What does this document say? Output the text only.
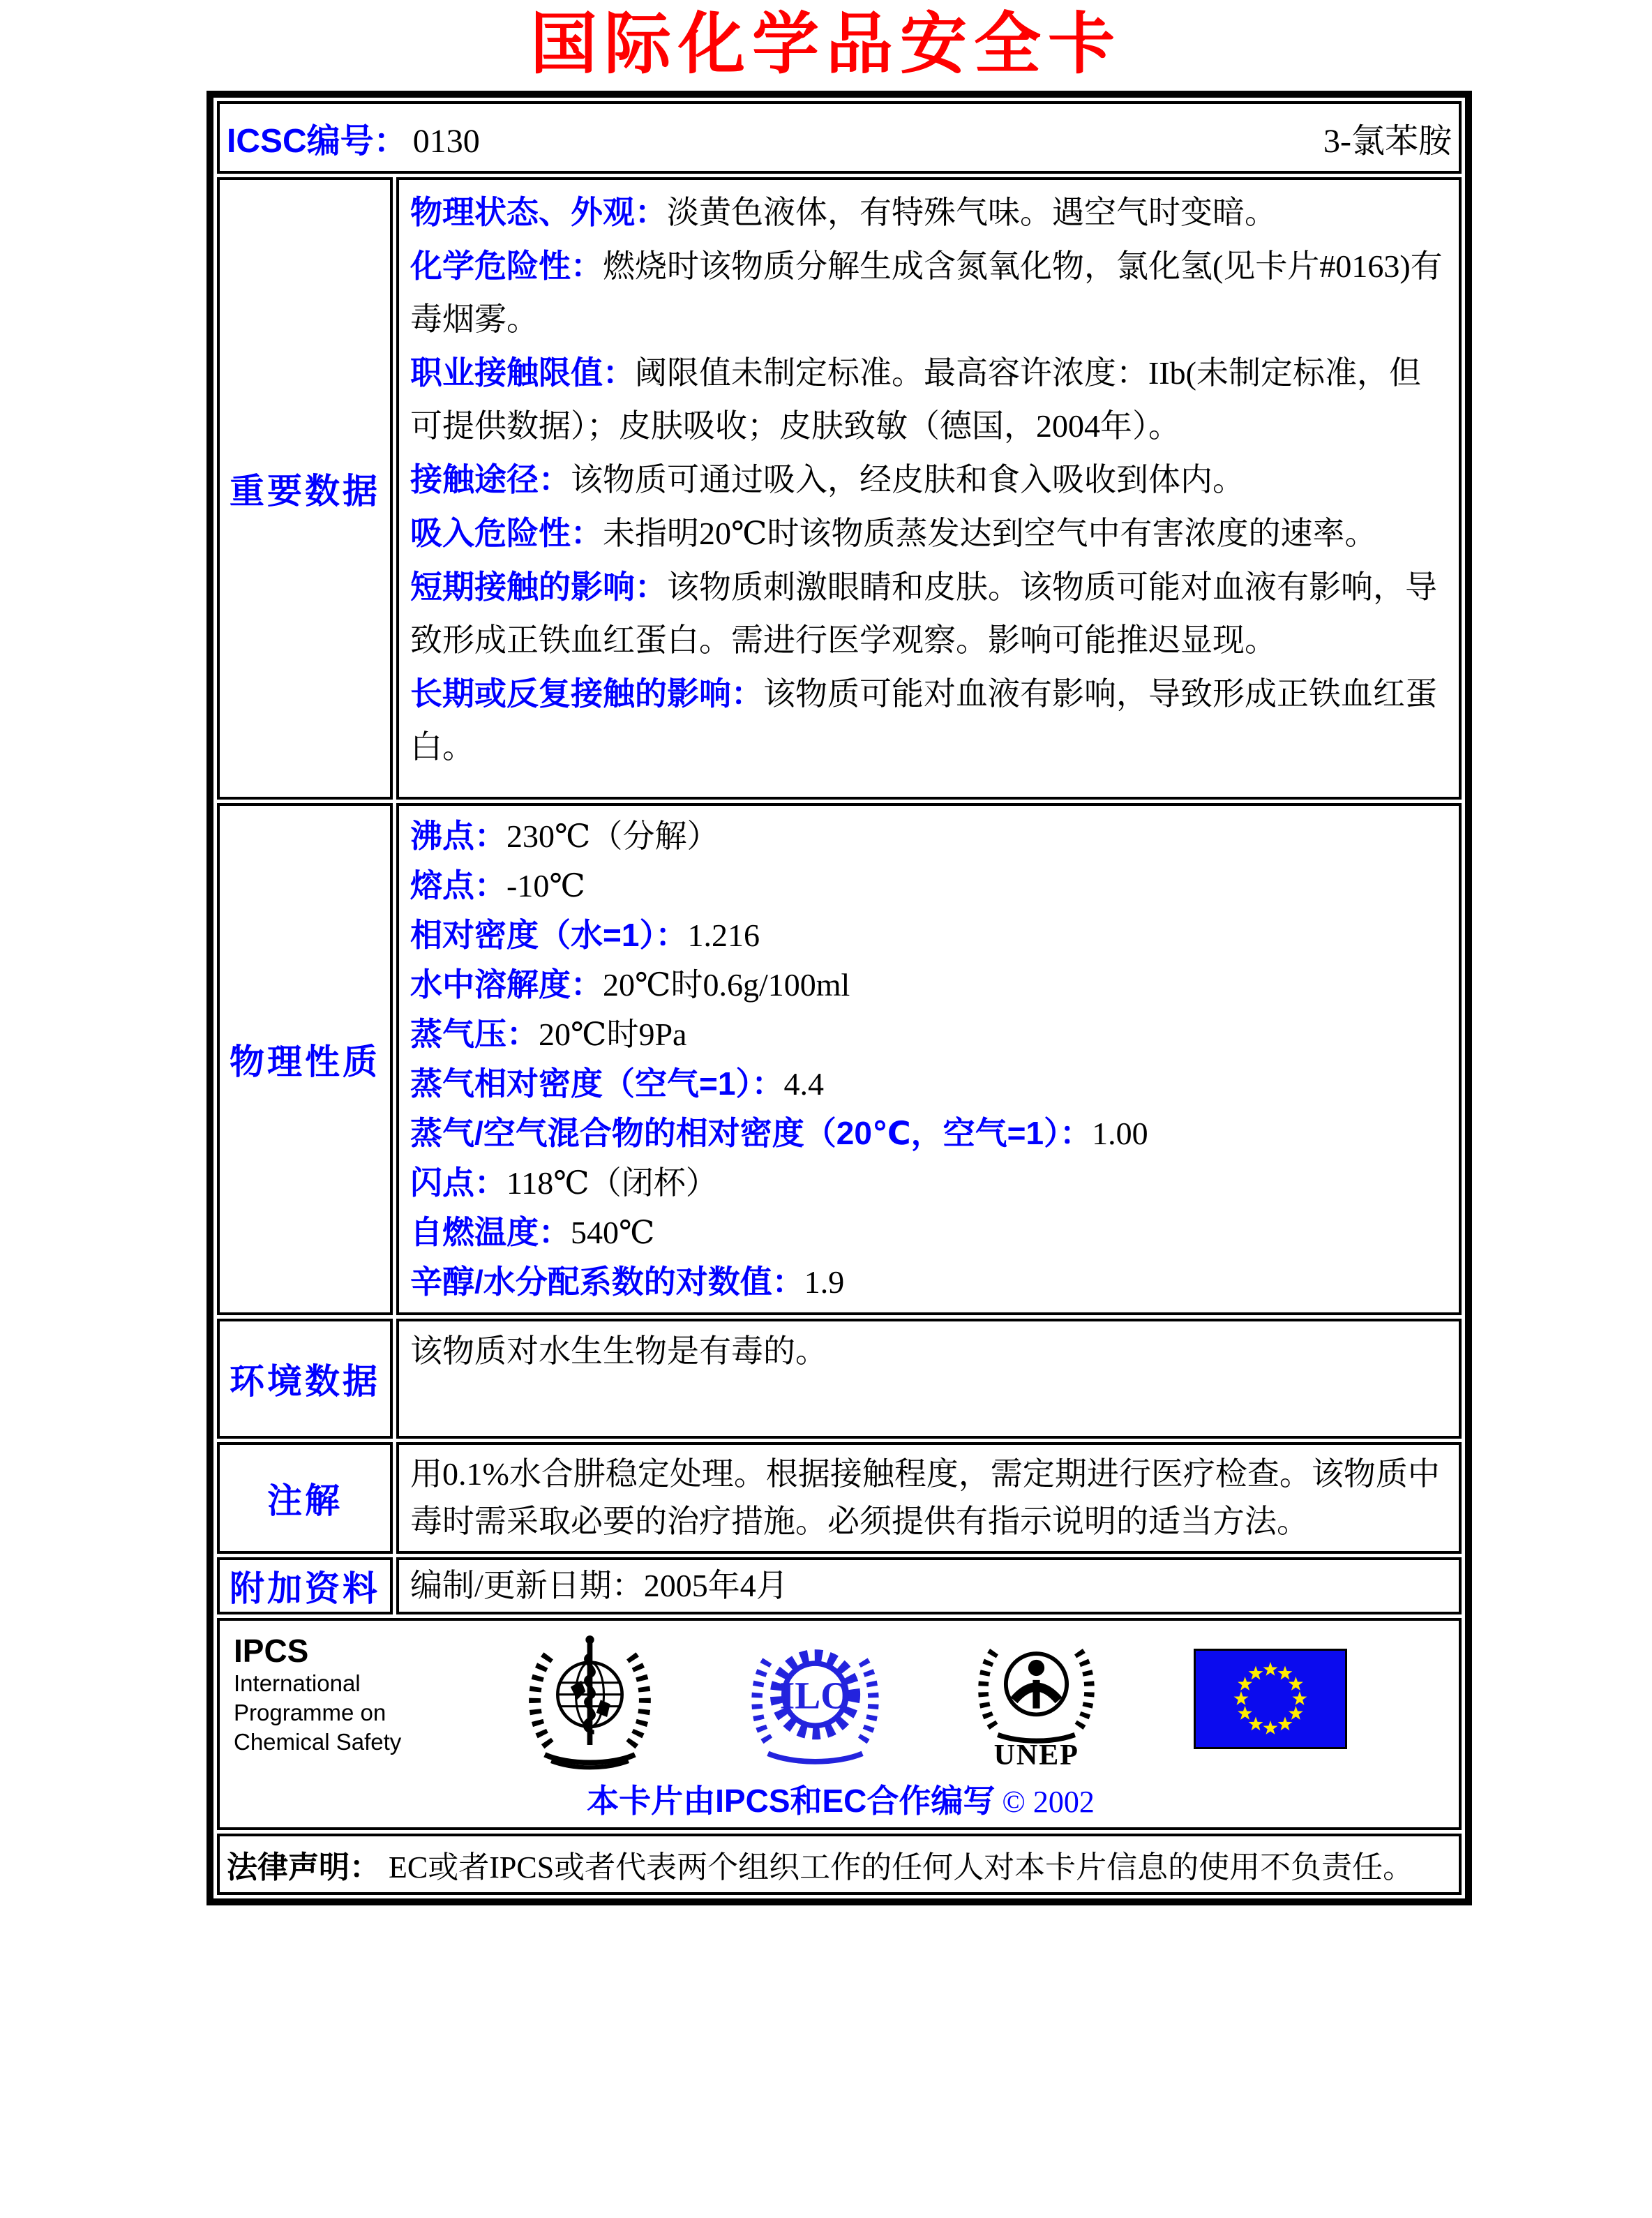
国际化学品安全卡
ICSC编号： 0130	3-氯苯胺
重要数据

物理状态、外观：淡黄色液体，有特殊气味。遇空气时变暗。

化学危险性：燃烧时该物质分解生成含氮氧化物，氯化氢(见卡片#0163)有毒烟雾。

职业接触限值：阈限值未制定标准。最高容许浓度：IIb(未制定标准，但可提供数据）；皮肤吸收；皮肤致敏（德国，2004年）。

接触途径：该物质可通过吸入，经皮肤和食入吸收到体内。

吸入危险性：未指明20℃时该物质蒸发达到空气中有害浓度的速率。

短期接触的影响：该物质刺激眼睛和皮肤。该物质可能对血液有影响，导致形成正铁血红蛋白。需进行医学观察。影响可能推迟显现。

长期或反复接触的影响：该物质可能对血液有影响，导致形成正铁血红蛋白。

物理性质

沸点：230℃（分解）

熔点：-10℃

相对密度（水=1）：1.216

水中溶解度：20℃时0.6g/100ml

蒸气压：20℃时9Pa

蒸气相对密度（空气=1）：4.4

蒸气/空气混合物的相对密度（20℃，空气=1）：1.00

闪点：118℃（闭杯）

自燃温度：540℃

辛醇/水分配系数的对数值：1.9

环境数据

该物质对水生生物是有毒的。

注解

用0.1%水合肼稳定处理。根据接触程度，需定期进行医疗检查。该物质中毒时需采取必要的治疗措施。必须提供有指示说明的适当方法。

附加资料 编制/更新日期：2005年4月

IPCS
International
Programme on
Chemical Safety
ILO
UNEP
本卡片由IPCS和EC合作编写 © 2002
法律声明： EC或者IPCS或者代表两个组织工作的任何人对本卡片信息的使用不负责任。
